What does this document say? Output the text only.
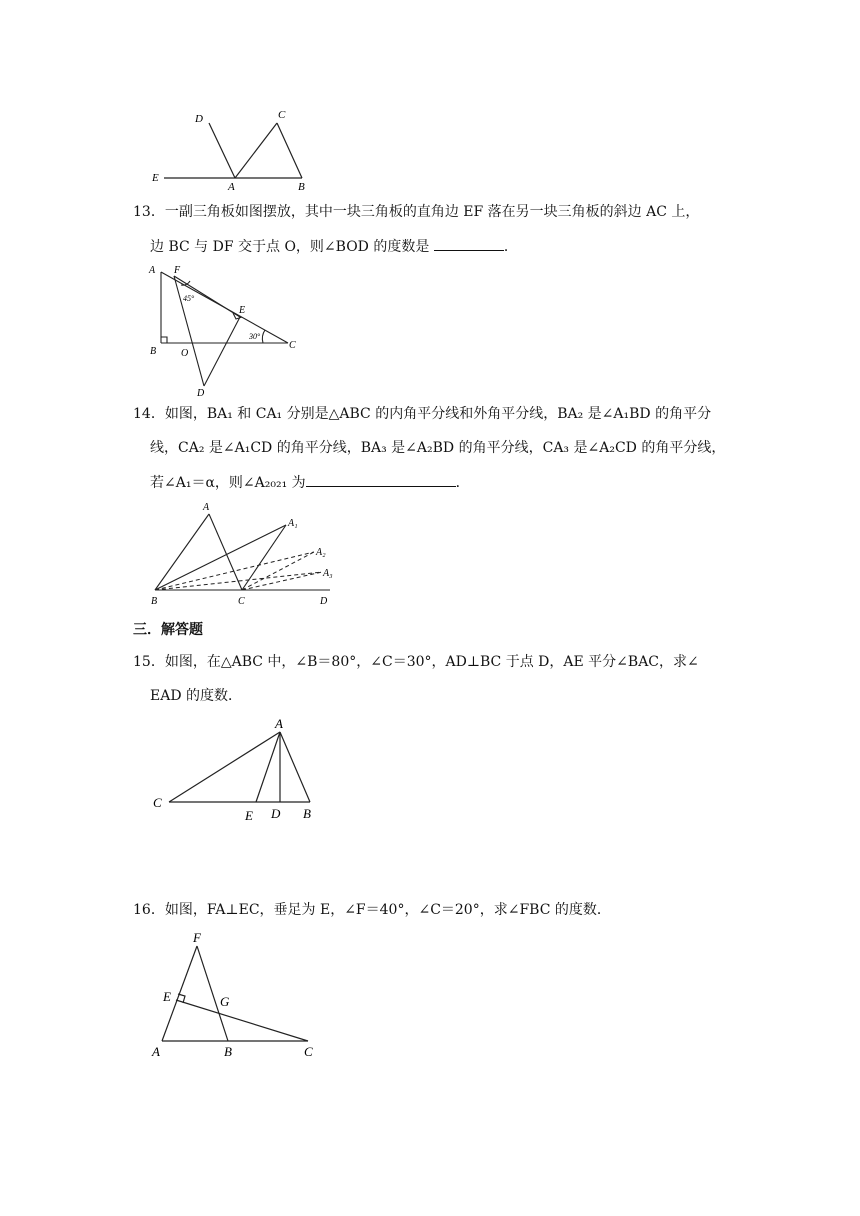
D	C
E
A	B
13．一副三角板如图摆放，其中一块三角板的直角边 EF 落在另一块三角板的斜边 AC 上，
边 BC 与 DF 交于点 O，则∠BOD 的度数是	．
A F
E
B O
C
D
45°
30°
14．如图，BA₁ 和 CA₁ 分别是△ABC 的内角平分线和外角平分线，BA₂ 是∠A₁BD 的角平分
线，CA₂ 是∠A₁CD 的角平分线，BA₃ 是∠A₂BD 的角平分线，CA₃ 是∠A₂CD 的角平分线，
若∠A₁＝α，则∠A₂₀₂₁ 为	．
A
A₁
A₂
A₃
B	C	D
三．解答题
15．如图，在△ABC 中，∠B＝80°，∠C＝30°，AD⊥BC 于点 D，AE 平分∠BAC，求∠
EAD 的度数．
A
C
E D B
16．如图，FA⊥EC，垂足为 E，∠F＝40°，∠C＝20°，求∠FBC 的度数．
F
E	G
A	B	C
